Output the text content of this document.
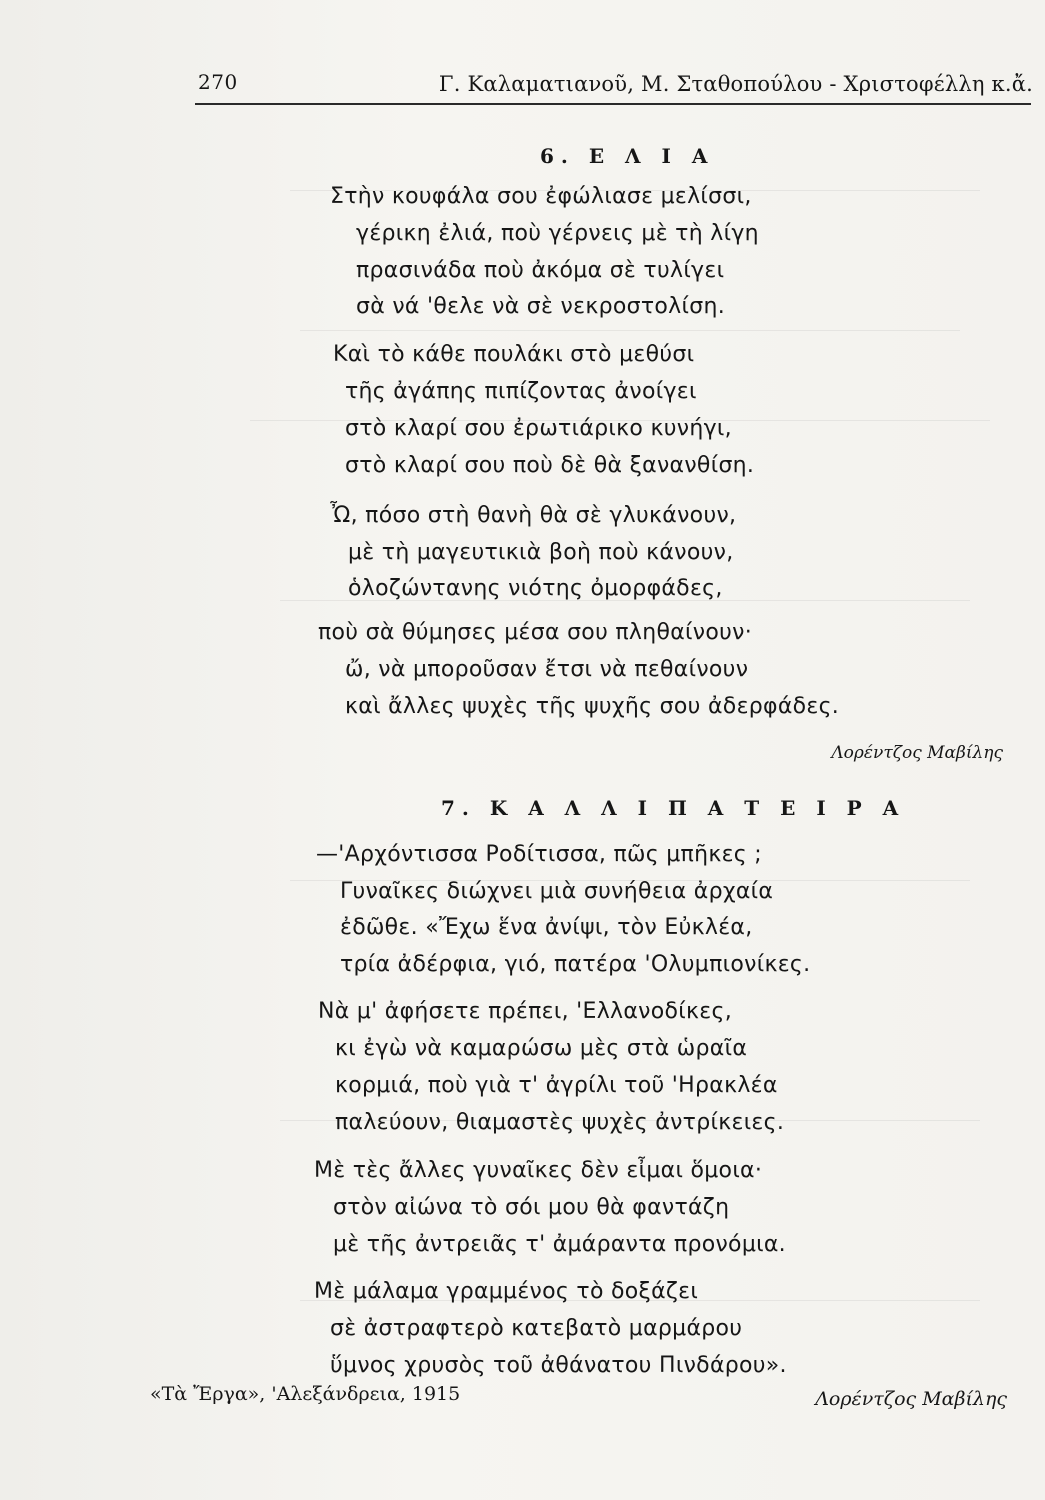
270	Γ. Καλαματιανοῦ, Μ. Σταθοπούλου - Χριστοφέλλη κ.ἄ.
6. Ε Λ Ι Α
Στὴν κουφάλα σου ἐφώλιασε μελίσσι,
γέρικη ἐλιά, ποὺ γέρνεις μὲ τὴ λίγη
πρασινάδα ποὺ ἀκόμα σὲ τυλίγει
σὰ νά 'θελε νὰ σὲ νεκροστολίση.
Καὶ τὸ κάθε πουλάκι στὸ μεθύσι
τῆς ἀγάπης πιπίζοντας ἀνοίγει
στὸ κλαρί σου ἐρωτιάρικο κυνήγι,
στὸ κλαρί σου ποὺ δὲ θὰ ξανανθίση.
Ὦ, πόσο στὴ θανὴ θὰ σὲ γλυκάνουν,
μὲ τὴ μαγευτικιὰ βοὴ ποὺ κάνουν,
ὁλοζώντανης νιότης ὀμορφάδες,
ποὺ σὰ θύμησες μέσα σου πληθαίνουν·
ὤ, νὰ μποροῦσαν ἔτσι νὰ πεθαίνουν
καὶ ἄλλες ψυχὲς τῆς ψυχῆς σου ἀδερφάδες.
Λορέντζος Μαβίλης
7. Κ Α Λ Λ Ι Π Α Τ Ε Ι Ρ Α
—'Αρχόντισσα Ροδίτισσα, πῶς μπῆκες ;
Γυναῖκες διώχνει μιὰ συνήθεια ἀρχαία
ἐδῶθε. «Ἔχω ἕνα ἀνίψι, τὸν Εὐκλέα,
τρία ἀδέρφια, γιό, πατέρα 'Ολυμπιονίκες.
Νὰ μ' ἀφήσετε πρέπει, 'Ελλανοδίκες,
κι ἐγὼ νὰ καμαρώσω μὲς στὰ ὡραῖα
κορμιά, ποὺ γιὰ τ' ἀγρίλι τοῦ 'Ηρακλέα
παλεύουν, θιαμαστὲς ψυχὲς ἀντρίκειες.
Μὲ τὲς ἄλλες γυναῖκες δὲν εἶμαι ὅμοια·
στὸν αἰώνα τὸ σόι μου θὰ φαντάζη
μὲ τῆς ἀντρειᾶς τ' ἀμάραντα προνόμια.
Μὲ μάλαμα γραμμένος τὸ δοξάζει
σὲ ἀστραφτερὸ κατεβατὸ μαρμάρου
ὕμνος χρυσὸς τοῦ ἀθάνατου Πινδάρου».
«Τὰ Ἔργα», 'Αλεξάνδρεια, 1915	Λορέντζος Μαβίλης
